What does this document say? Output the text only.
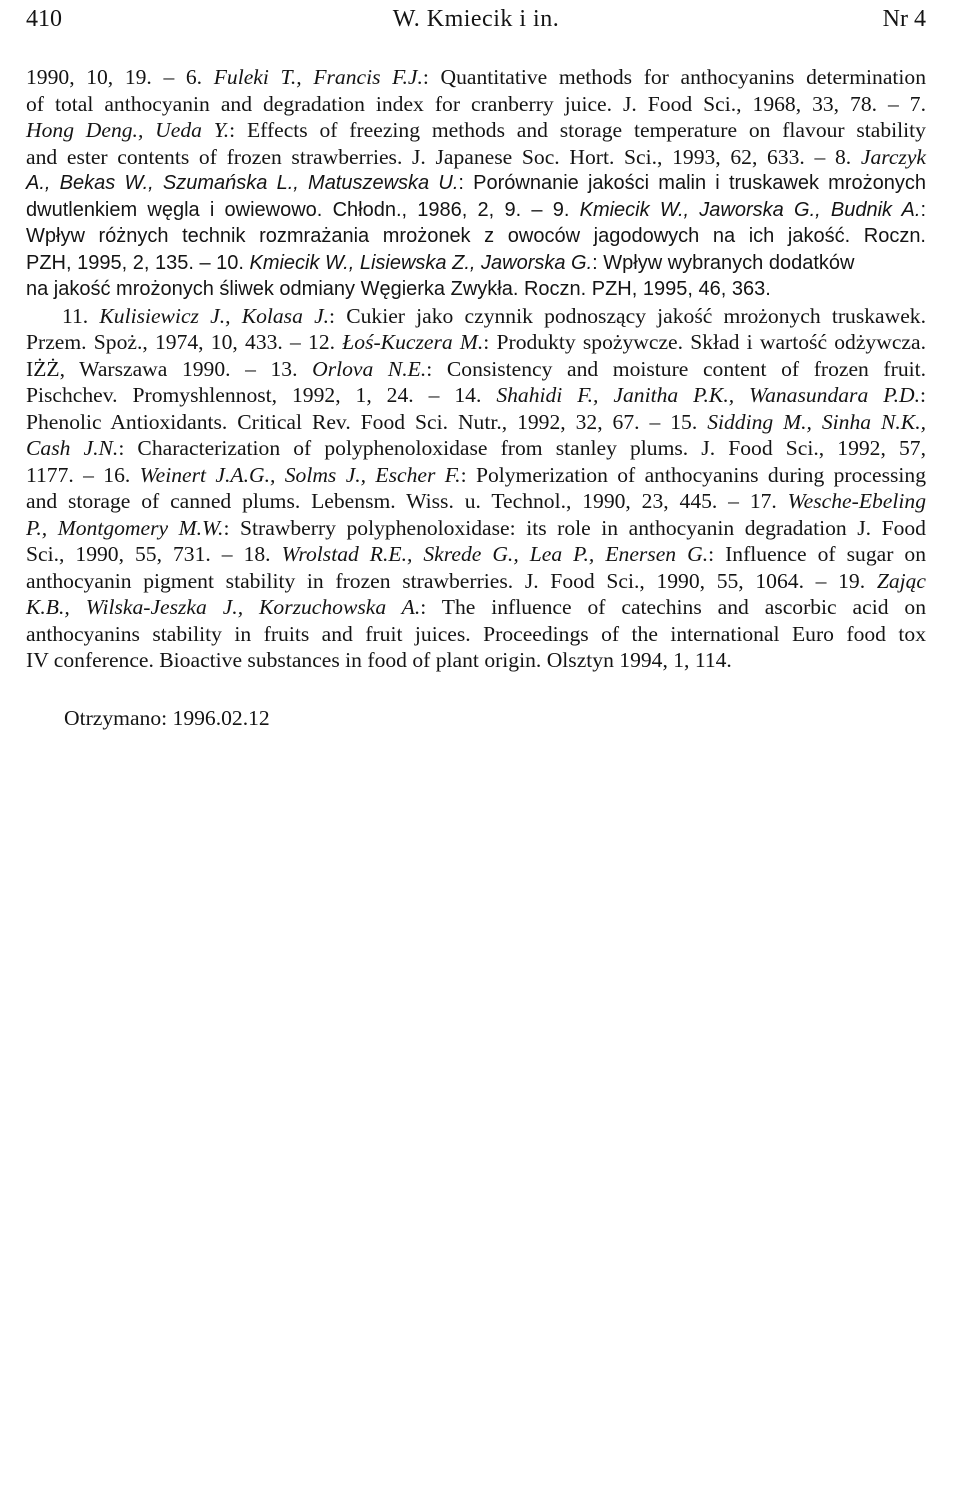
410	W. Kmiecik i in.	Nr 4
1990, 10, 19. – 6. Fuleki T., Francis F.J.: Quantitative methods for anthocyanins determination
of total anthocyanin and degradation index for cranberry juice. J. Food Sci., 1968, 33, 78. – 7.
Hong Deng., Ueda Y.: Effects of freezing methods and storage temperature on flavour stability
and ester contents of frozen strawberries. J. Japanese Soc. Hort. Sci., 1993, 62, 633. – 8. Jarczyk
A., Bekas W., Szumańska L., Matuszewska U.: Porównanie jakości malin i truskawek mrożonych
dwutlenkiem węgla i owiewowo. Chłodn., 1986, 2, 9. – 9. Kmiecik W., Jaworska G., Budnik A.:
Wpływ różnych technik rozmrażania mrożonek z owoców jagodowych na ich jakość. Roczn.
PZH, 1995, 2, 135. – 10. Kmiecik W., Lisiewska Z., Jaworska G.: Wpływ wybranych dodatków
na jakość mrożonych śliwek odmiany Węgierka Zwykła. Roczn. PZH, 1995, 46, 363.
11. Kulisiewicz J., Kolasa J.: Cukier jako czynnik podnoszący jakość mrożonych truskawek.
Przem. Spoż., 1974, 10, 433. – 12. Łoś-Kuczera M.: Produkty spożywcze. Skład i wartość odżywcza.
IŻŻ, Warszawa 1990. – 13. Orlova N.E.: Consistency and moisture content of frozen fruit.
Pischchev. Promyshlennost, 1992, 1, 24. – 14. Shahidi F., Janitha P.K., Wanasundara P.D.:
Phenolic Antioxidants. Critical Rev. Food Sci. Nutr., 1992, 32, 67. – 15. Sidding M., Sinha N.K.,
Cash J.N.: Characterization of polyphenoloxidase from stanley plums. J. Food Sci., 1992, 57,
1177. – 16. Weinert J.A.G., Solms J., Escher F.: Polymerization of anthocyanins during processing
and storage of canned plums. Lebensm. Wiss. u. Technol., 1990, 23, 445. – 17. Wesche-Ebeling
P., Montgomery M.W.: Strawberry polyphenoloxidase: its role in anthocyanin degradation J. Food
Sci., 1990, 55, 731. – 18. Wrolstad R.E., Skrede G., Lea P., Enersen G.: Influence of sugar on
anthocyanin pigment stability in frozen strawberries. J. Food Sci., 1990, 55, 1064. – 19. Zając
K.B., Wilska-Jeszka J., Korzuchowska A.: The influence of catechins and ascorbic acid on
anthocyanins stability in fruits and fruit juices. Proceedings of the international Euro food tox
IV conference. Bioactive substances in food of plant origin. Olsztyn 1994, 1, 114.
Otrzymano: 1996.02.12
